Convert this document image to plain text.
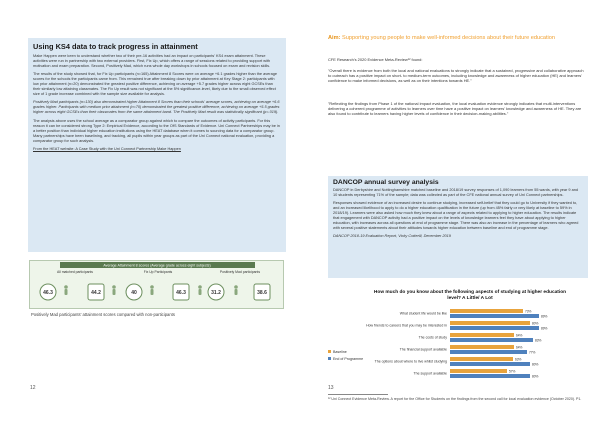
Using KS4 data to track progress in attainment

Make Happen were keen to understand whether two of their pre-16 activities had an impact on participants' KS4 exam attainment. These activities were run in partnership with two external providers. First, Fix Up, which offers a range of sessions related to providing support with motivation and exam preparation. Second, Positively Mad, which runs whole day workshops in schools focused on exam and revision skills.

The results of the study showed that, for Fix Up participants (n=165) Attainment 8 Scores were on average +6.1 grades higher than the average scores for the schools the participants came from. This remained true after breaking down by prior attainment at Key Stage 2: participants with low prior attainment (n=20) demonstrated the greatest positive difference, achieving on average +5.7 grades higher across eight GCSEs than their similarly low attaining classmates. The Fix Up result was not significant at the 5% significance-level, likely due to the small observed effect size of 1 grade increase combined with the sample size available for analysis.

Positively Mad participants (n=130) also demonstrated higher Attainment 8 Scores than their schools' average scores, achieving on average +6.6 grades higher. Participants with medium prior attainment (n=70) demonstrated the greatest positive difference, achieving on average +5.5 grades higher across eight GCSEs than their classmates from the same attainment band. The Positively Mad result was statistically significant (p=.019).

The analysis above uses the school average as a comparator group against which to compare the outcomes of activity participants. For this reason it can be considered strong Type 2: Empirical Evidence, according to the OfS Standards of Evidence. Uni Connect Partnerships may be in a better position than individual higher education institutions using the HEAT database when it comes to sourcing data for a comparator group. Many partnerships have been baselining, and tracking, all pupils within year groups as part of the Uni Connect national evaluation, providing a comparator group for such analysis.

From the HEAT website: A Case Study with the Uni Connect Partnership Make Happen

Average Attainment 8 scores (Average grade across eight subjects)
All matched participants	Fix Up Participants	Positively Mad participants
46.3	44.2	40	46.3	31.2	38.6
Positively Mad participants' attainment scores compared with non-participants
12
Aim: Supporting young people to make well-informed decisions about their future education
CFE Research's 2020 Evidence Meta-Review¹² found:
"Overall there is evidence from both the local and national evaluations to strongly indicate that a sustained, progressive and collaborative approach to outreach has a positive impact on short- to medium-term outcomes, including knowledge and awareness of higher education (HE) and learners' confidence to make informed decisions, as well as on their intentions towards HE."
"Reflecting the findings from Phase 1 of the national impact evaluation, the local evaluation evidence strongly indicates that multi-interventions delivering a coherent programme of activities to learners over time have a positive impact on learners' knowledge and awareness of HE. They are also found to contribute to learners having higher levels of confidence in their decision-making abilities."
DANCOP annual survey analysis

DANCOP in Derbyshire and Nottinghamshire matched baseline and 2018/19 survey responses of 1,090 learners from 55 wards, with year 9 and 10 students representing 71% of the sample; data was collected as part of the CFE national annual survey of Uni Connect partnerships.

Responses showed evidence of an increased desire to continue studying, increased self-belief that they could go to University if they wanted to, and an increased likelihood to apply to do a higher education qualification in the future (up from 45% fairly or very likely at baseline to 59% in 2018/19). Learners were also asked how much they knew about a range of aspects related to applying to higher education. The results indicate that engagement with DANCOP activity had a positive impact on the levels of knowledge learners feel they have about applying to higher education, with increases across all questions at end of programme stage. There was also an increase in the percentage of learners who agreed with several positive statements about their attitudes towards higher education between baseline and end of programme stage.

DANCOP 2018-19 Evaluation Report, Vicky Cotterill, December 2019

How much do you know about the following aspects of studying at higher education level? A Little/ A Lot
What student life would be like
73%
89%
How friends to careers that you may be interested in
80%
89%
The costs of study
64%
83%
The financial support available
64%
77%
The options about where to live whilst studying
63%
80%
The support available
57%
80%
Baseline
End of Programme
¹² Uni Connect Evidence Meta-Review. A report for the Office for Students on the findings from the second call for local evaluation evidence (October 2020). P1.
13
